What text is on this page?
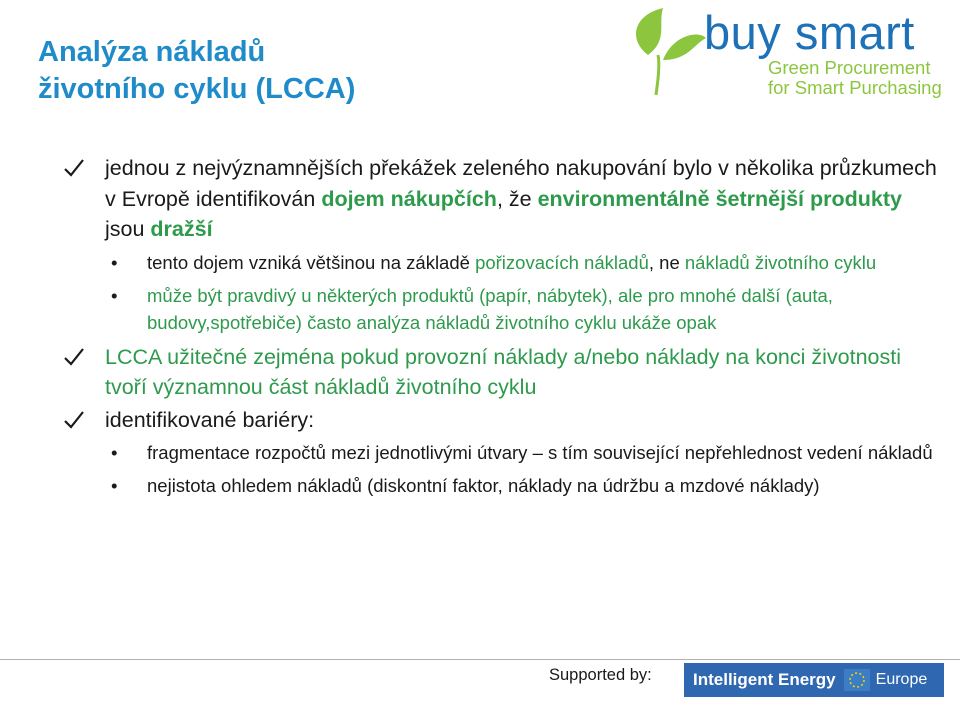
Analýza nákladů
životního cyklu (LCCA)
buy smart
Green Procurement
for Smart Purchasing
jednou z nejvýznamnějších překážek zeleného nakupování bylo v několika průzkumech v Evropě identifikován dojem nákupčích, že environmentálně šetrnější produkty jsou dražší
• tento dojem vzniká většinou na základě pořizovacích nákladů, ne nákladů životního cyklu
• může být pravdivý u některých produktů (papír, nábytek), ale pro mnohé další (auta, budovy,spotřebiče) často analýza nákladů životního cyklu ukáže opak
LCCA užitečné zejména pokud provozní náklady a/nebo náklady na konci životnosti tvoří významnou část nákladů životního cyklu
identifikované bariéry:
• fragmentace rozpočtů mezi jednotlivými útvary – s tím související nepřehlednost vedení nákladů
• nejistota ohledem nákladů (diskontní faktor, náklady na údržbu a mzdové náklady)
Supported by: Intelligent Energy	Europe
